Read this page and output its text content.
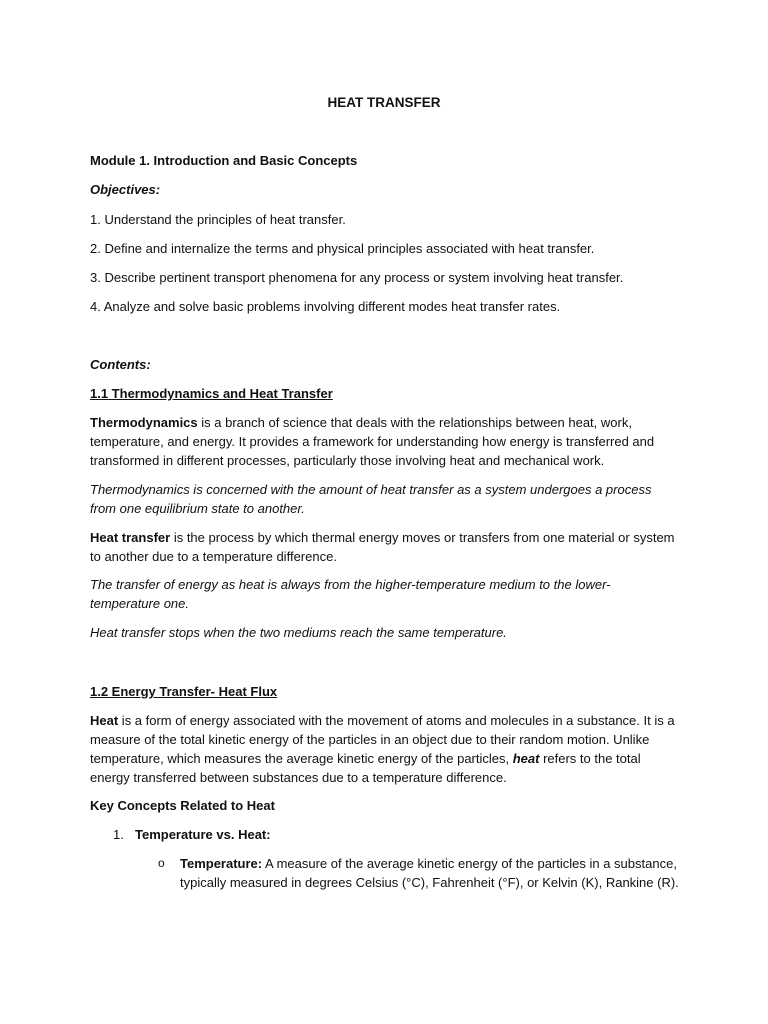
HEAT TRANSFER

Module 1. Introduction and Basic Concepts

Objectives:

1. Understand the principles of heat transfer.

2. Define and internalize the terms and physical principles associated with heat transfer.

3. Describe pertinent transport phenomena for any process or system involving heat transfer.

4. Analyze and solve basic problems involving different modes heat transfer rates.

Contents:

1.1 Thermodynamics and Heat Transfer

Thermodynamics is a branch of science that deals with the relationships between heat, work, temperature, and energy. It provides a framework for understanding how energy is transferred and transformed in different processes, particularly those involving heat and mechanical work.

Thermodynamics is concerned with the amount of heat transfer as a system undergoes a process from one equilibrium state to another.

Heat transfer is the process by which thermal energy moves or transfers from one material or system to another due to a temperature difference.

The transfer of energy as heat is always from the higher-temperature medium to the lower-temperature one.

Heat transfer stops when the two mediums reach the same temperature.

1.2 Energy Transfer- Heat Flux

Heat is a form of energy associated with the movement of atoms and molecules in a substance. It is a measure of the total kinetic energy of the particles in an object due to their random motion. Unlike temperature, which measures the average kinetic energy of the particles, heat refers to the total energy transferred between substances due to a temperature difference.

Key Concepts Related to Heat

1. Temperature vs. Heat:
o Temperature: A measure of the average kinetic energy of the particles in a substance, typically measured in degrees Celsius (°C), Fahrenheit (°F), or Kelvin (K), Rankine (R).
